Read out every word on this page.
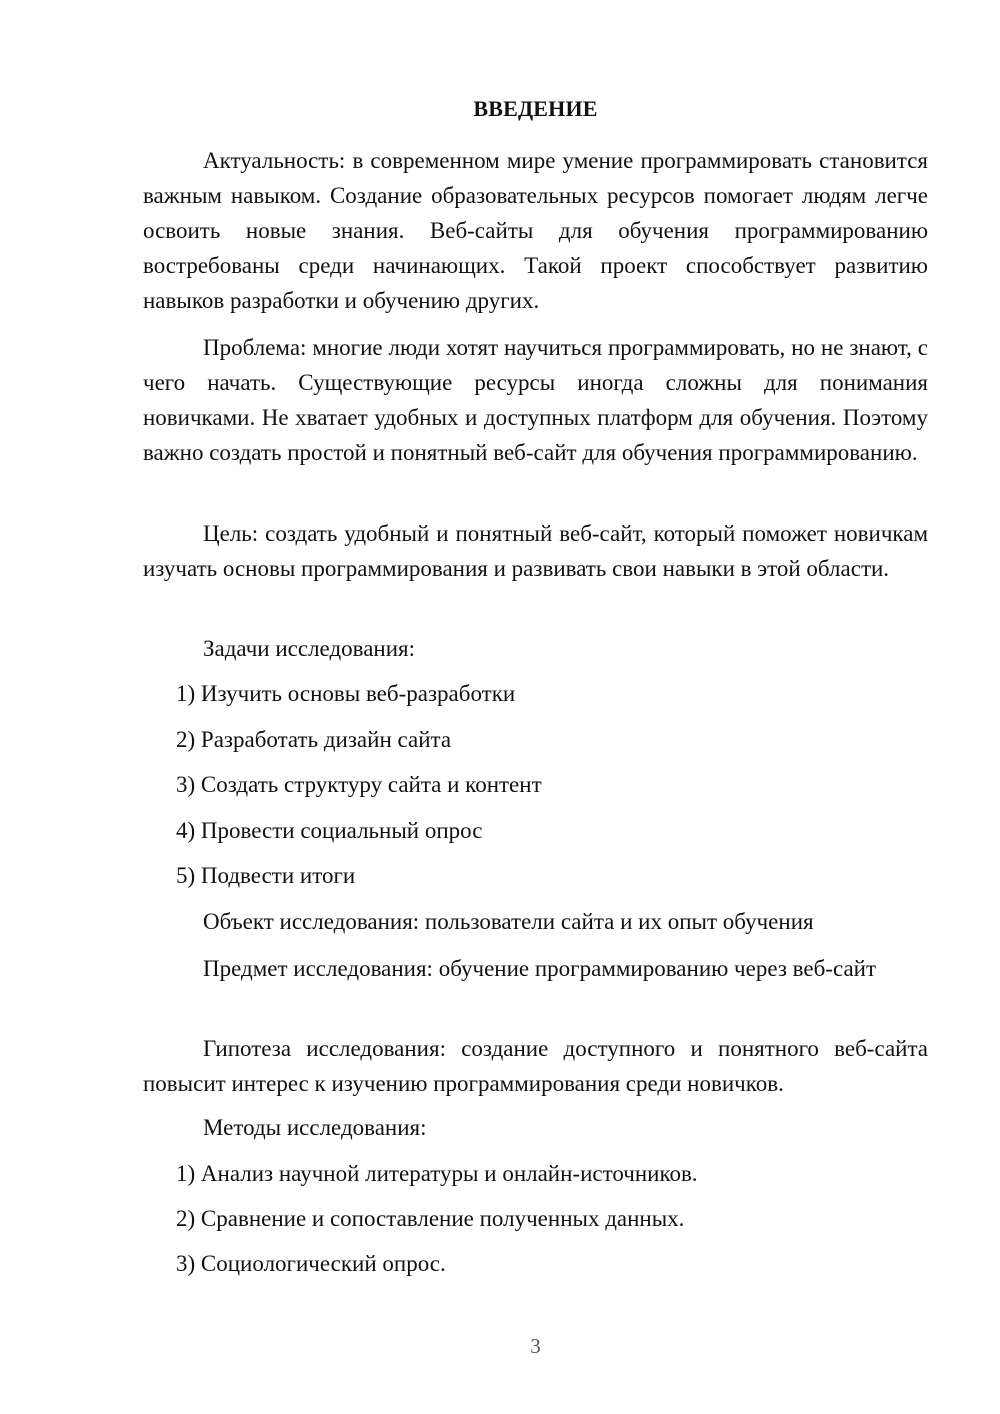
ВВЕДЕНИЕ
Актуальность: в современном мире умение программировать становится важным навыком. Создание образовательных ресурсов помогает людям легче освоить новые знания. Веб-сайты для обучения программированию востребованы среди начинающих. Такой проект способствует развитию навыков разработки и обучению других.
Проблема: многие люди хотят научиться программировать, но не знают, с чего начать. Существующие ресурсы иногда сложны для понимания новичками. Не хватает удобных и доступных платформ для обучения. Поэтому важно создать простой и понятный веб-сайт для обучения программированию.
Цель: создать удобный и понятный веб-сайт, который поможет новичкам изучать основы программирования и развивать свои навыки в этой области.
Задачи исследования:
1) Изучить основы веб-разработки
2) Разработать дизайн сайта
3) Создать структуру сайта и контент
4) Провести социальный опрос
5) Подвести итоги
Объект исследования: пользователи сайта и их опыт обучения
Предмет исследования: обучение программированию через веб-сайт
Гипотеза исследования: создание доступного и понятного веб-сайта повысит интерес к изучению программирования среди новичков.
Методы исследования:
1) Анализ научной литературы и онлайн-источников.
2) Сравнение и сопоставление полученных данных.
3) Социологический опрос.
3
